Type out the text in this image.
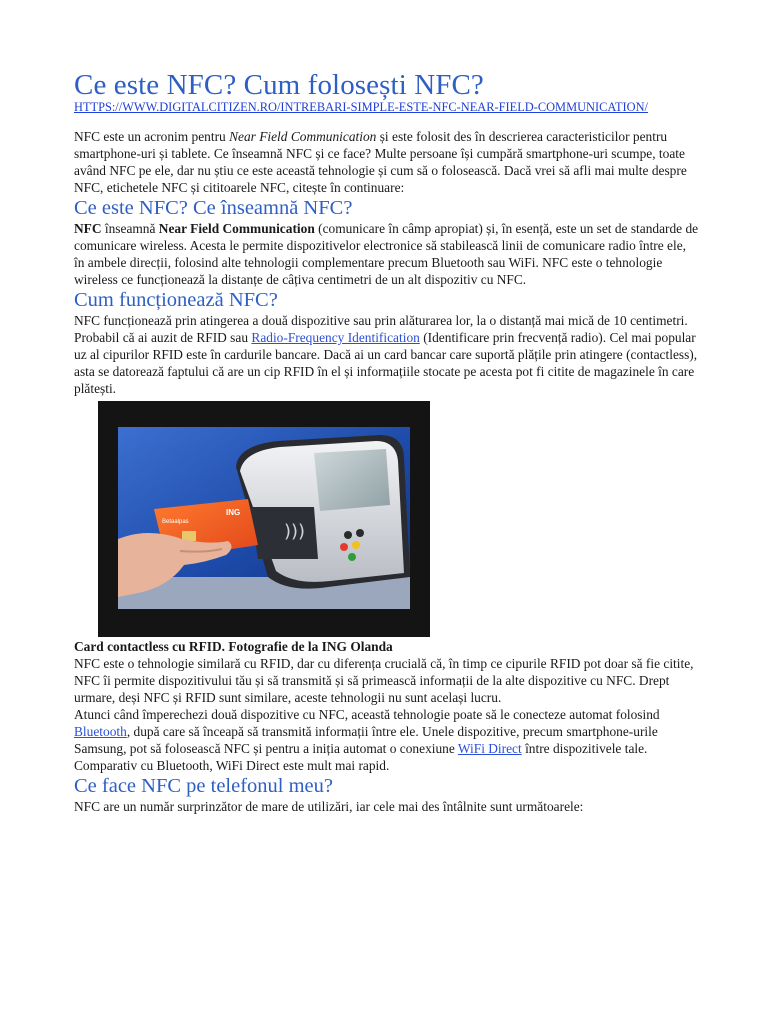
Ce este NFC? Cum folosești NFC?
HTTPS://WWW.DIGITALCITIZEN.RO/INTREBARI-SIMPLE-ESTE-NFC-NEAR-FIELD-COMMUNICATION/

NFC este un acronim pentru Near Field Communication și este folosit des în descrierea caracteristicilor pentru smartphone-uri și tablete. Ce înseamnă NFC și ce face? Multe persoane își cumpără smartphone-uri scumpe, toate având NFC pe ele, dar nu știu ce este această tehnologie și cum să o folosească. Dacă vrei să afli mai multe despre NFC, etichetele NFC și cititoarele NFC, citește în continuare:

Ce este NFC? Ce înseamnă NFC?

NFC înseamnă Near Field Communication (comunicare în câmp apropiat) și, în esență, este un set de standarde de comunicare wireless. Acesta le permite dispozitivelor electronice să stabilească linii de comunicare radio între ele, în ambele direcții, folosind alte tehnologii complementare precum Bluetooth sau WiFi. NFC este o tehnologie wireless ce funcționează la distanțe de câțiva centimetri de un alt dispozitiv cu NFC.

Cum funcționează NFC?

NFC funcționează prin atingerea a două dispozitive sau prin alăturarea lor, la o distanță mai mică de 10 centimetri.

Probabil că ai auzit de RFID sau Radio-Frequency Identification (Identificare prin frecvență radio). Cel mai popular uz al cipurilor RFID este în cardurile bancare. Dacă ai un card bancar care suportă plățile prin atingere (contactless), asta se datorează faptului că are un cip RFID în el și informațiile stocate pe acesta pot fi citite de magazinele în care plătești.

)))
ING
Betaalpas

Card contactless cu RFID. Fotografie de la ING Olanda

NFC este o tehnologie similară cu RFID, dar cu diferența crucială că, în timp ce cipurile RFID pot doar să fie citite, NFC îi permite dispozitivului tău și să transmită și să primească informații de la alte dispozitive cu NFC. Drept urmare, deși NFC și RFID sunt similare, aceste tehnologii nu sunt același lucru.

Atunci când împerechezi două dispozitive cu NFC, această tehnologie poate să le conecteze automat folosind Bluetooth, după care să înceapă să transmită informații între ele. Unele dispozitive, precum smartphone-urile Samsung, pot să folosească NFC și pentru a iniția automat o conexiune WiFi Direct între dispozitivele tale. Comparativ cu Bluetooth, WiFi Direct este mult mai rapid.

Ce face NFC pe telefonul meu?

NFC are un număr surprinzător de mare de utilizări, iar cele mai des întâlnite sunt următoarele:
